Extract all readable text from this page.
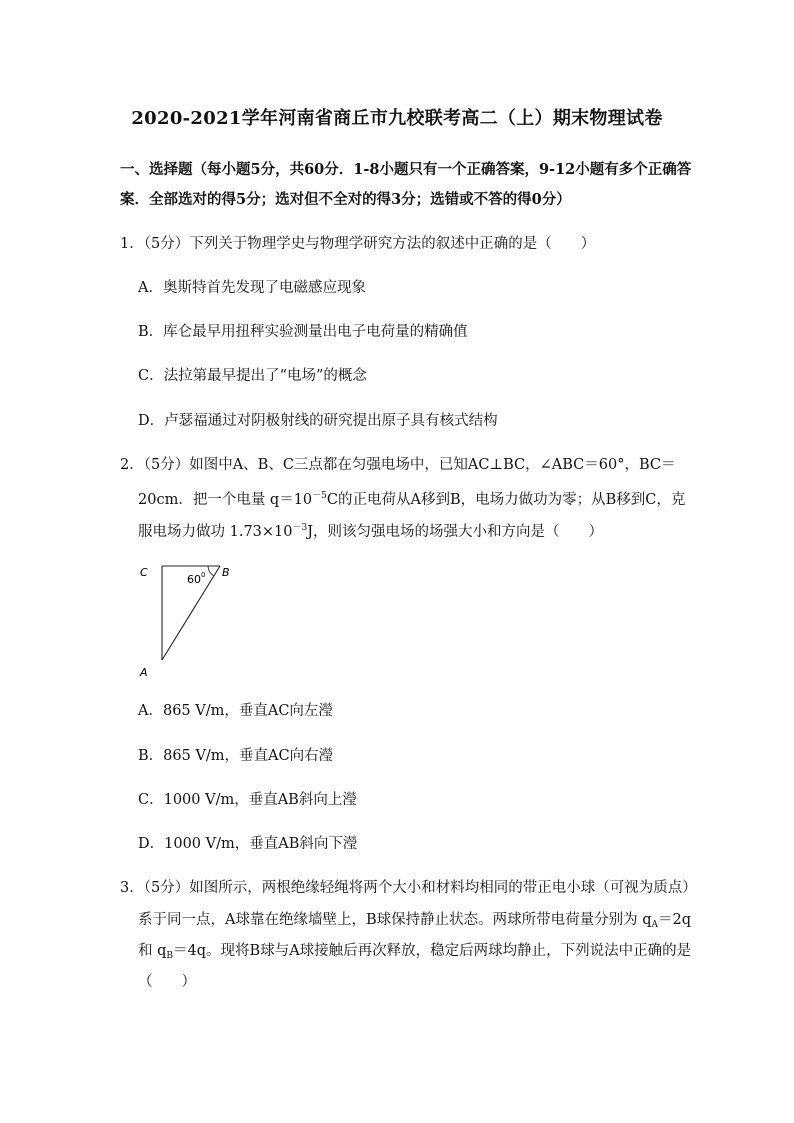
2020-2021学年河南省商丘市九校联考高二（上）期末物理试卷
一、选择题（每小题5分，共60分．1-8小题只有一个正确答案，9-12小题有多个正确答
案．全部选对的得5分；选对但不全对的得3分；选错或不答的得0分）
1．（5分）下列关于物理学史与物理学研究方法的叙述中正确的是（　　）
A．奥斯特首先发现了电磁感应现象
B．库仑最早用扭秤实验测量出电子电荷量的精确值
C．法拉第最早提出了“电场”的概念
D．卢瑟福通过对阴极射线的研究提出原子具有核式结构
2．（5分）如图中A、B、C三点都在匀强电场中，已知AC⊥BC，∠ABC＝60°，BC＝
20cm．把一个电量 $q=10^{-5}C$的正电荷从A移到B，电场力做功为零；从B移到C，克
服电场力做功 $1.73\times 10^{-3}J$，则该匀强电场的场强大小和方向是（　　）
C	B
A
60 0
A．865 V/m，垂直AC向左瀅
B．865 V/m，垂直AC向右瀅
C．1000 V/m，垂直AB斜向上瀅
D．1000 V/m，垂直AB斜向下瀅
3．（5分）如图所示，两根绝缘轻绳将两个大小和材料均相同的带正电小球（可视为质点）
系于同一点，A球靠在绝缘墙壁上，B球保持静止状态。两球所带电荷量分别为 $q_A=2q$
和 $q_B=4q$。现将B球与A球接触后再次释放，稳定后两球均静止，下列说法中正确的是
（　　）
